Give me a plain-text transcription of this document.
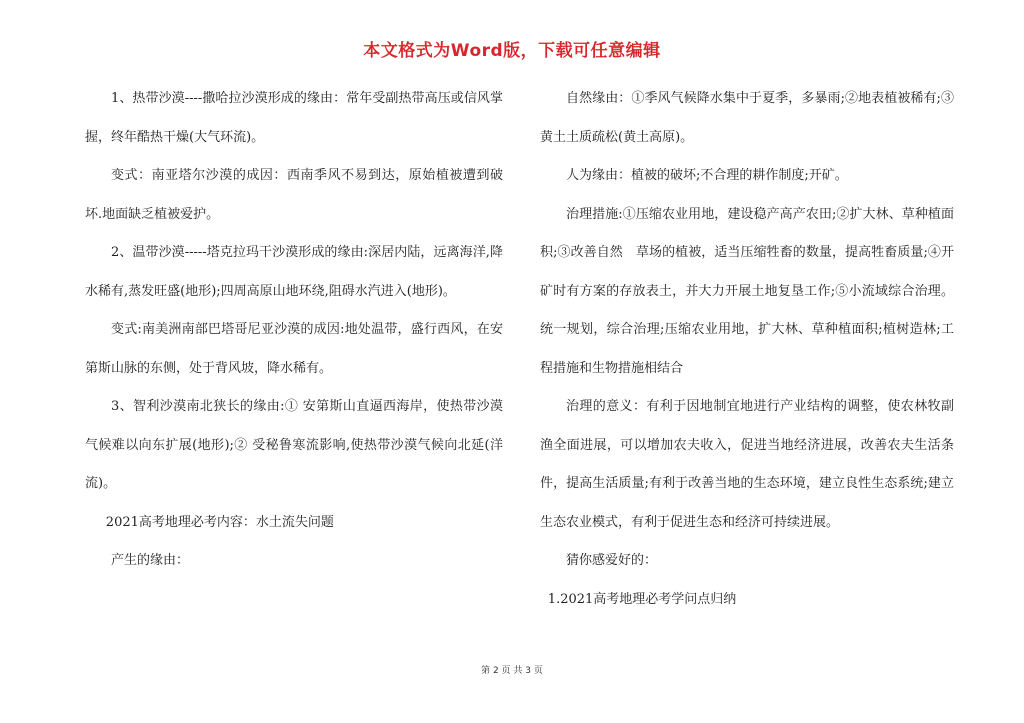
本文格式为Word版，下载可任意编辑

1、热带沙漠----撒哈拉沙漠形成的缘由：常年受副热带高压或信风掌握，终年酷热干燥(大气环流)。

变式：南亚塔尔沙漠的成因：西南季风不易到达，原始植被遭到破坏.地面缺乏植被爱护。

2、温带沙漠-----塔克拉玛干沙漠形成的缘由:深居内陆，远离海洋,降水稀有,蒸发旺盛(地形);四周高原山地环绕,阻碍水汽进入(地形)。

变式:南美洲南部巴塔哥尼亚沙漠的成因:地处温带，盛行西风，在安第斯山脉的东侧，处于背风坡，降水稀有。

3、智利沙漠南北狭长的缘由:① 安第斯山直逼西海岸，使热带沙漠气候难以向东扩展(地形);② 受秘鲁寒流影响,使热带沙漠气候向北延(洋流)。

2021高考地理必考内容：水土流失问题

产生的缘由：

自然缘由：①季风气候降水集中于夏季，多暴雨;②地表植被稀有;③黄土土质疏松(黄土高原)。

人为缘由：植被的破坏;不合理的耕作制度;开矿。

治理措施:①压缩农业用地，建设稳产高产农田;②扩大林、草种植面积;③改善自然　草场的植被，适当压缩牲畜的数量，提高牲畜质量;④开矿时有方案的存放表土，并大力开展土地复垦工作;⑤小流域综合治理。统一规划，综合治理;压缩农业用地，扩大林、草种植面积;植树造林;工程措施和生物措施相结合

治理的意义：有利于因地制宜地进行产业结构的调整，使农林牧副渔全面进展，可以增加农夫收入，促进当地经济进展，改善农夫生活条件，提高生活质量;有利于改善当地的生态环境，建立良性生态系统;建立生态农业模式，有利于促进生态和经济可持续进展。

猜你感爱好的：

1.2021高考地理必考学问点归纳

第 2 页 共 3 页
